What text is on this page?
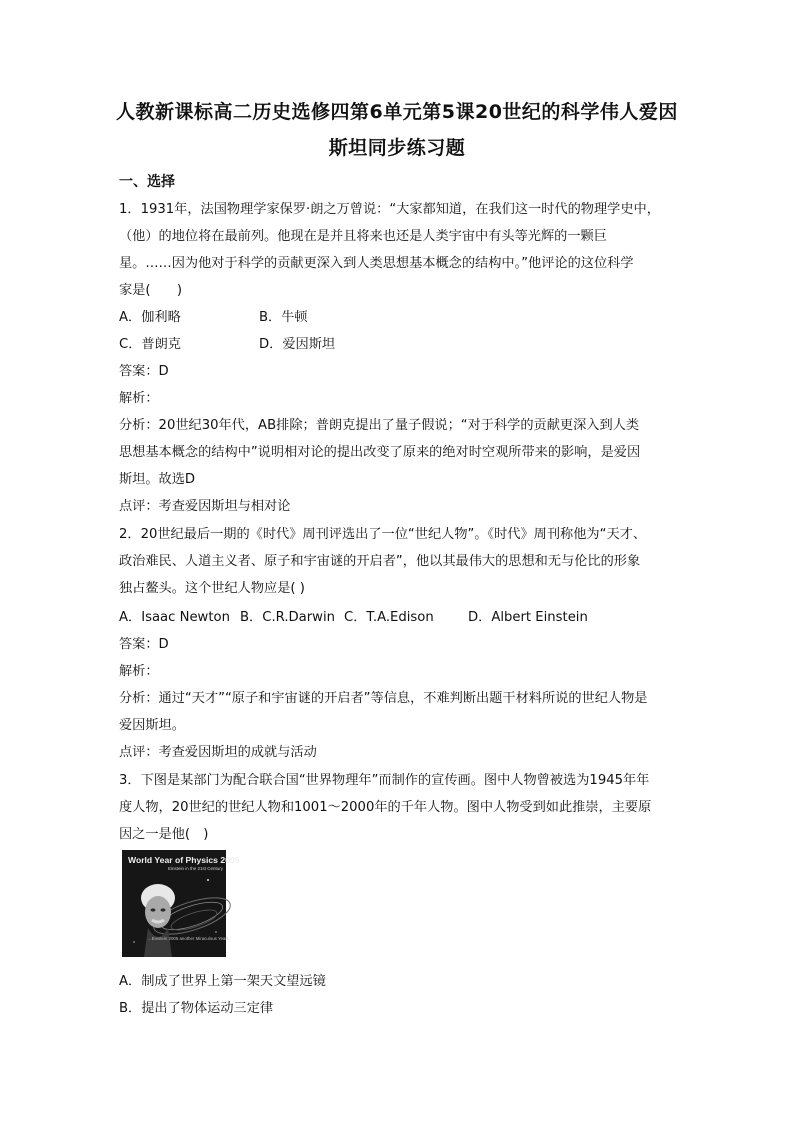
人教新课标高二历史选修四第6单元第5课20世纪的科学伟人爱因
斯坦同步练习题
一、选择
1．1931年，法国物理学家保罗·朗之万曾说：“大家都知道，在我们这一时代的物理学史中，
（他）的地位将在最前列。他现在是并且将来也还是人类宇宙中有头等光辉的一颗巨
星。……因为他对于科学的贡献更深入到人类思想基本概念的结构中。”他评论的这位科学
家是(　　)
A．伽利略	B．牛顿
C．普朗克	D．爱因斯坦
答案：D
解析：
分析：20世纪30年代，AB排除；普朗克提出了量子假说；“对于科学的贡献更深入到人类
思想基本概念的结构中”说明相对论的提出改变了原来的绝对时空观所带来的影响，是爱因
斯坦。故选D
点评：考查爱因斯坦与相对论
2．20世纪最后一期的《时代》周刊评选出了一位“世纪人物”。《时代》周刊称他为“天才、
政治难民、人道主义者、原子和宇宙谜的开启者”，他以其最伟大的思想和无与伦比的形象
独占鳌头。这个世纪人物应是( )
A．Isaac Newton B．C.R.Darwin C．T.A.Edison	D．Albert Einstein
答案：D
解析：
分析：通过“天才”“原子和宇宙谜的开启者”等信息，不难判断出题干材料所说的世纪人物是
爱因斯坦。
点评：考查爱因斯坦的成就与活动
3．下图是某部门为配合联合国“世界物理年”而制作的宣传画。图中人物曾被选为1945年年
度人物，20世纪的世纪人物和1001～2000年的千年人物。图中人物受到如此推崇，主要原
因之一是他(　)
World Year of Physics 2005
Einstein in the 21st Century
...Einstein 2005 another Miraculous Year!
A．制成了世界上第一架天文望远镜
B．提出了物体运动三定律
